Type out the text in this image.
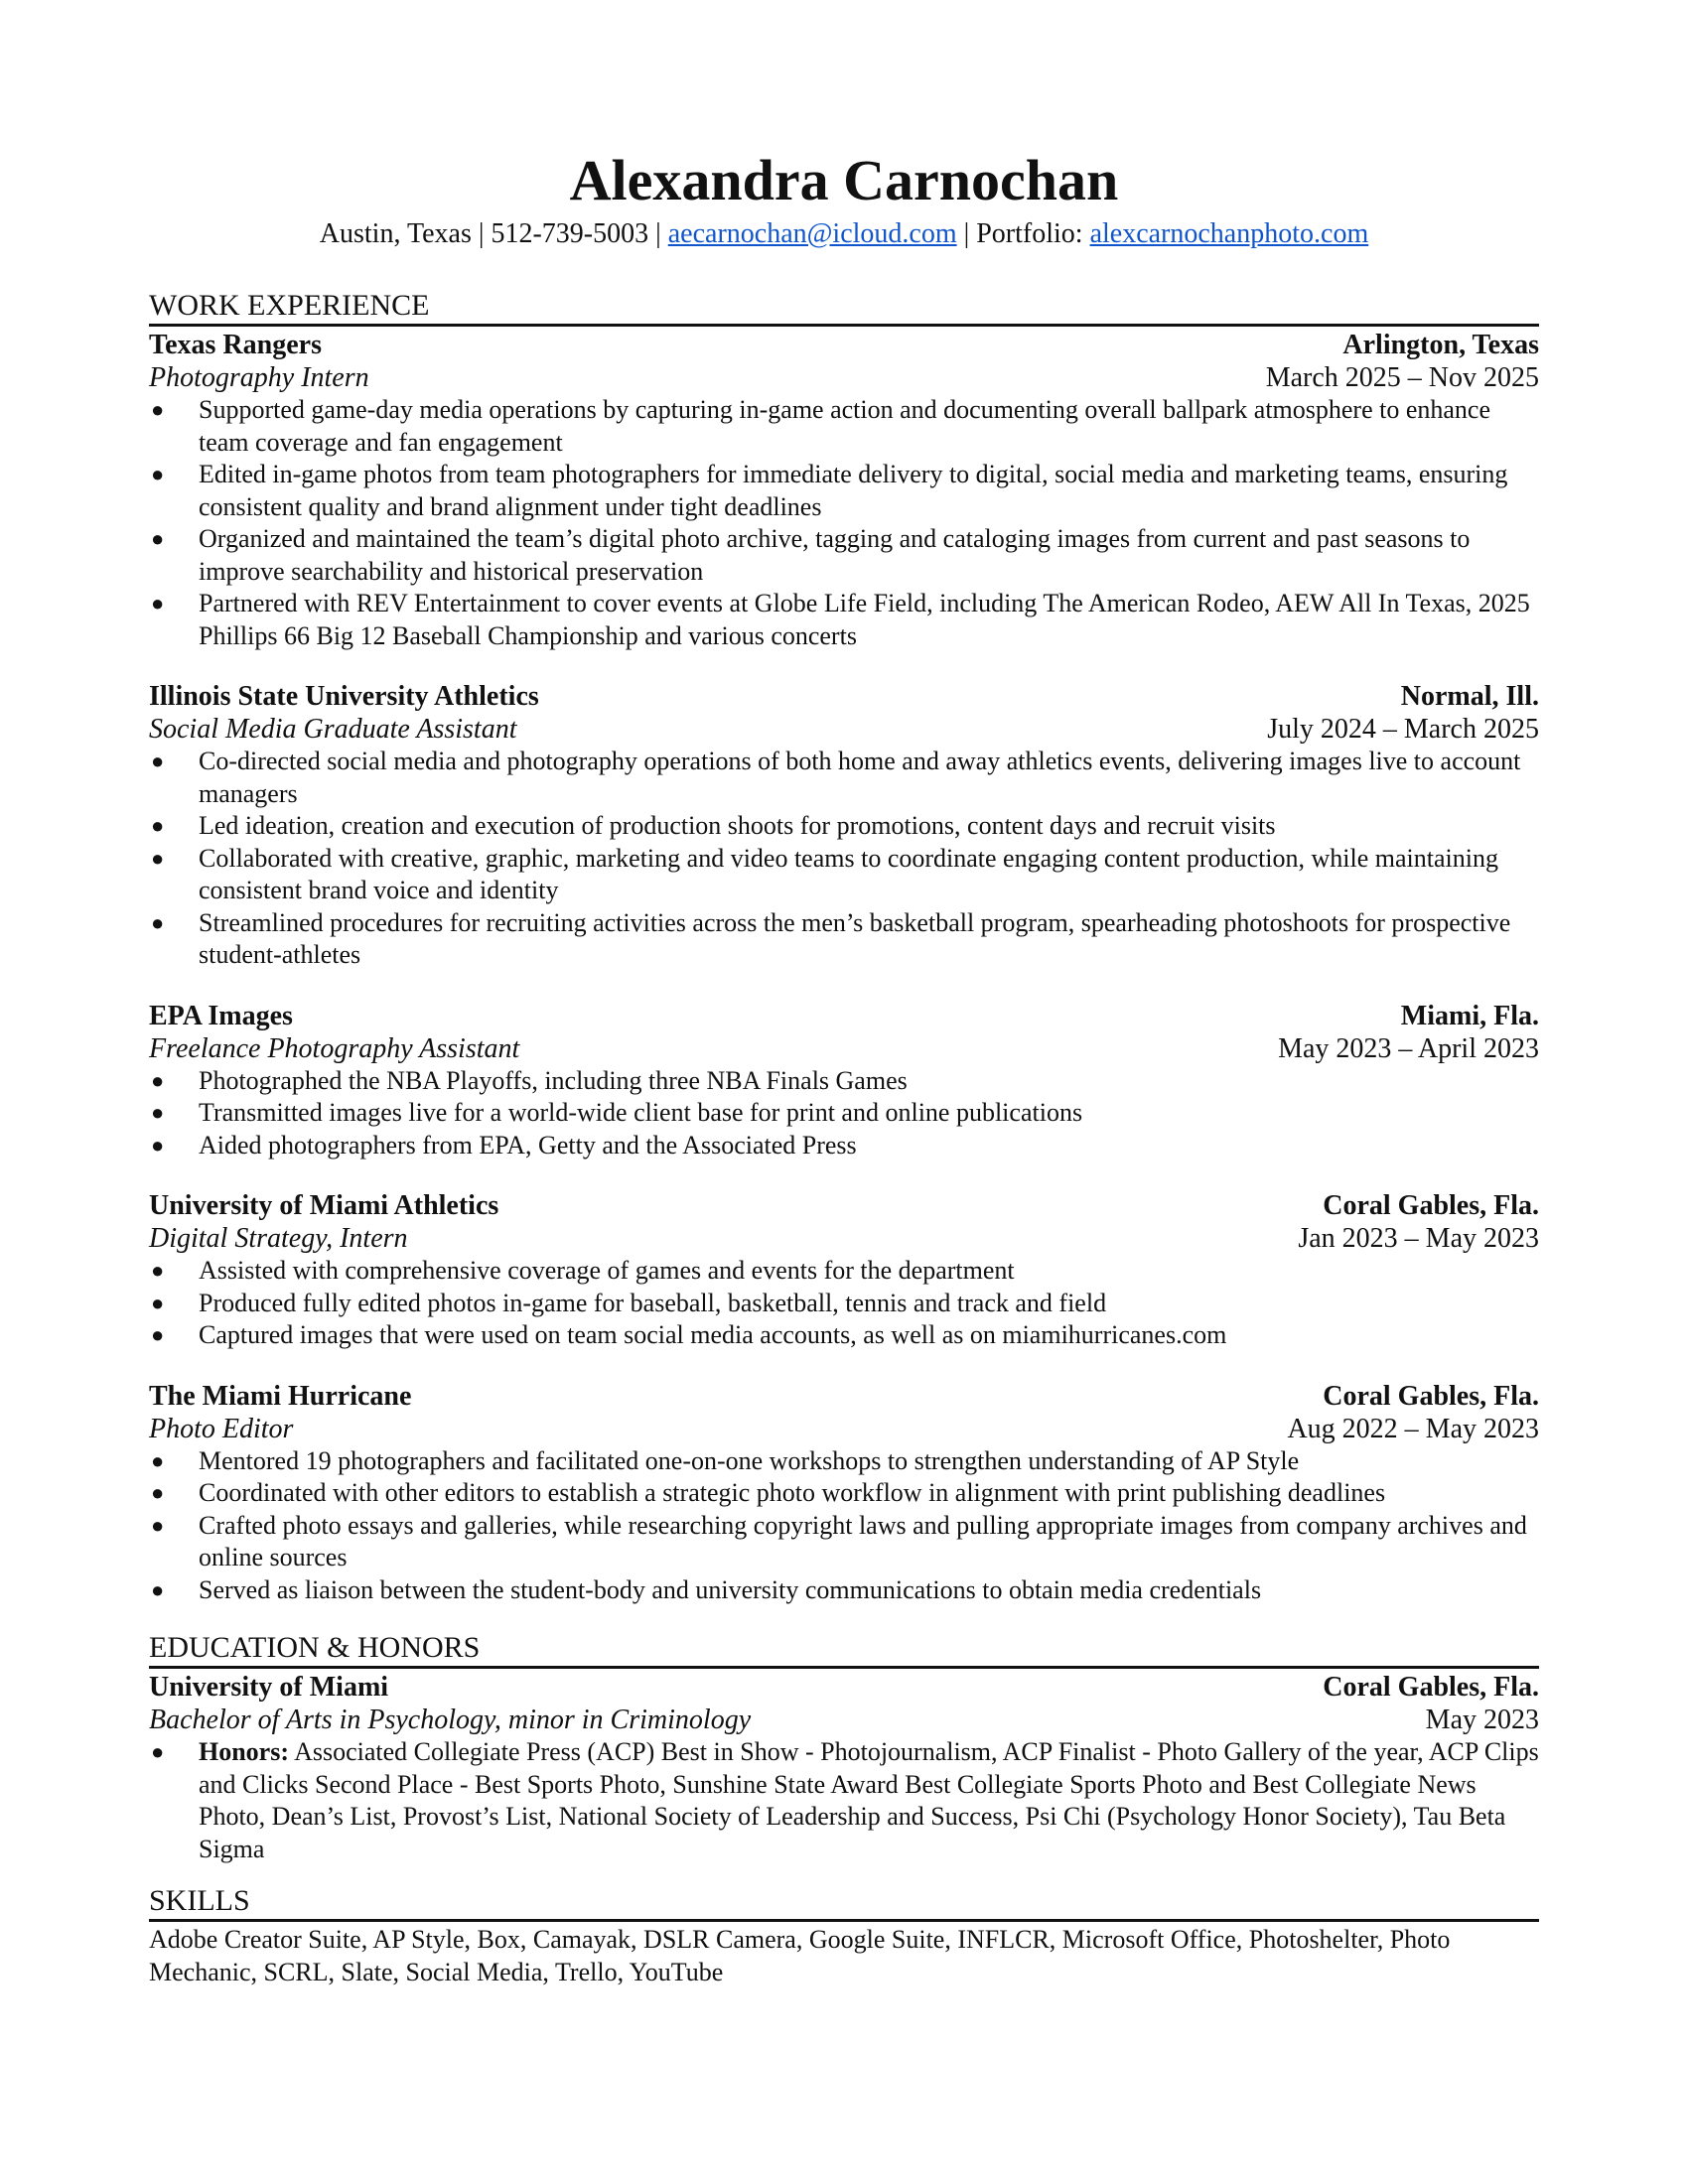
Alexandra Carnochan
Austin, Texas | 512-739-5003 | aecarnochan@icloud.com | Portfolio: alexcarnochanphoto.com
WORK EXPERIENCE
Texas Rangers	Arlington, Texas
Photography Intern	March 2025 – Nov 2025
● Supported game-day media operations by capturing in-game action and documenting overall ballpark atmosphere to enhance team coverage and fan engagement
● Edited in-game photos from team photographers for immediate delivery to digital, social media and marketing teams, ensuring consistent quality and brand alignment under tight deadlines
● Organized and maintained the team’s digital photo archive, tagging and cataloging images from current and past seasons to improve searchability and historical preservation
● Partnered with REV Entertainment to cover events at Globe Life Field, including The American Rodeo, AEW All In Texas, 2025 Phillips 66 Big 12 Baseball Championship and various concerts
Illinois State University Athletics	Normal, Ill.
Social Media Graduate Assistant	July 2024 – March 2025
● Co-directed social media and photography operations of both home and away athletics events, delivering images live to account managers
● Led ideation, creation and execution of production shoots for promotions, content days and recruit visits
● Collaborated with creative, graphic, marketing and video teams to coordinate engaging content production, while maintaining consistent brand voice and identity
● Streamlined procedures for recruiting activities across the men’s basketball program, spearheading photoshoots for prospective student-athletes
EPA Images	Miami, Fla.
Freelance Photography Assistant	May 2023 – April 2023
● Photographed the NBA Playoffs, including three NBA Finals Games
● Transmitted images live for a world-wide client base for print and online publications
● Aided photographers from EPA, Getty and the Associated Press
University of Miami Athletics	Coral Gables, Fla.
Digital Strategy, Intern	Jan 2023 – May 2023
● Assisted with comprehensive coverage of games and events for the department
● Produced fully edited photos in-game for baseball, basketball, tennis and track and field
● Captured images that were used on team social media accounts, as well as on miamihurricanes.com
The Miami Hurricane	Coral Gables, Fla.
Photo Editor	Aug 2022 – May 2023
● Mentored 19 photographers and facilitated one-on-one workshops to strengthen understanding of AP Style
● Coordinated with other editors to establish a strategic photo workflow in alignment with print publishing deadlines
● Crafted photo essays and galleries, while researching copyright laws and pulling appropriate images from company archives and online sources
● Served as liaison between the student-body and university communications to obtain media credentials
EDUCATION & HONORS
University of Miami	Coral Gables, Fla.
Bachelor of Arts in Psychology, minor in Criminology	May 2023
● Honors: Associated Collegiate Press (ACP) Best in Show - Photojournalism, ACP Finalist - Photo Gallery of the year, ACP Clips and Clicks Second Place - Best Sports Photo, Sunshine State Award Best Collegiate Sports Photo and Best Collegiate News Photo, Dean’s List, Provost’s List, National Society of Leadership and Success, Psi Chi (Psychology Honor Society), Tau Beta Sigma
SKILLS
Adobe Creator Suite, AP Style, Box, Camayak, DSLR Camera, Google Suite, INFLCR, Microsoft Office, Photoshelter, Photo Mechanic, SCRL, Slate, Social Media, Trello, YouTube
